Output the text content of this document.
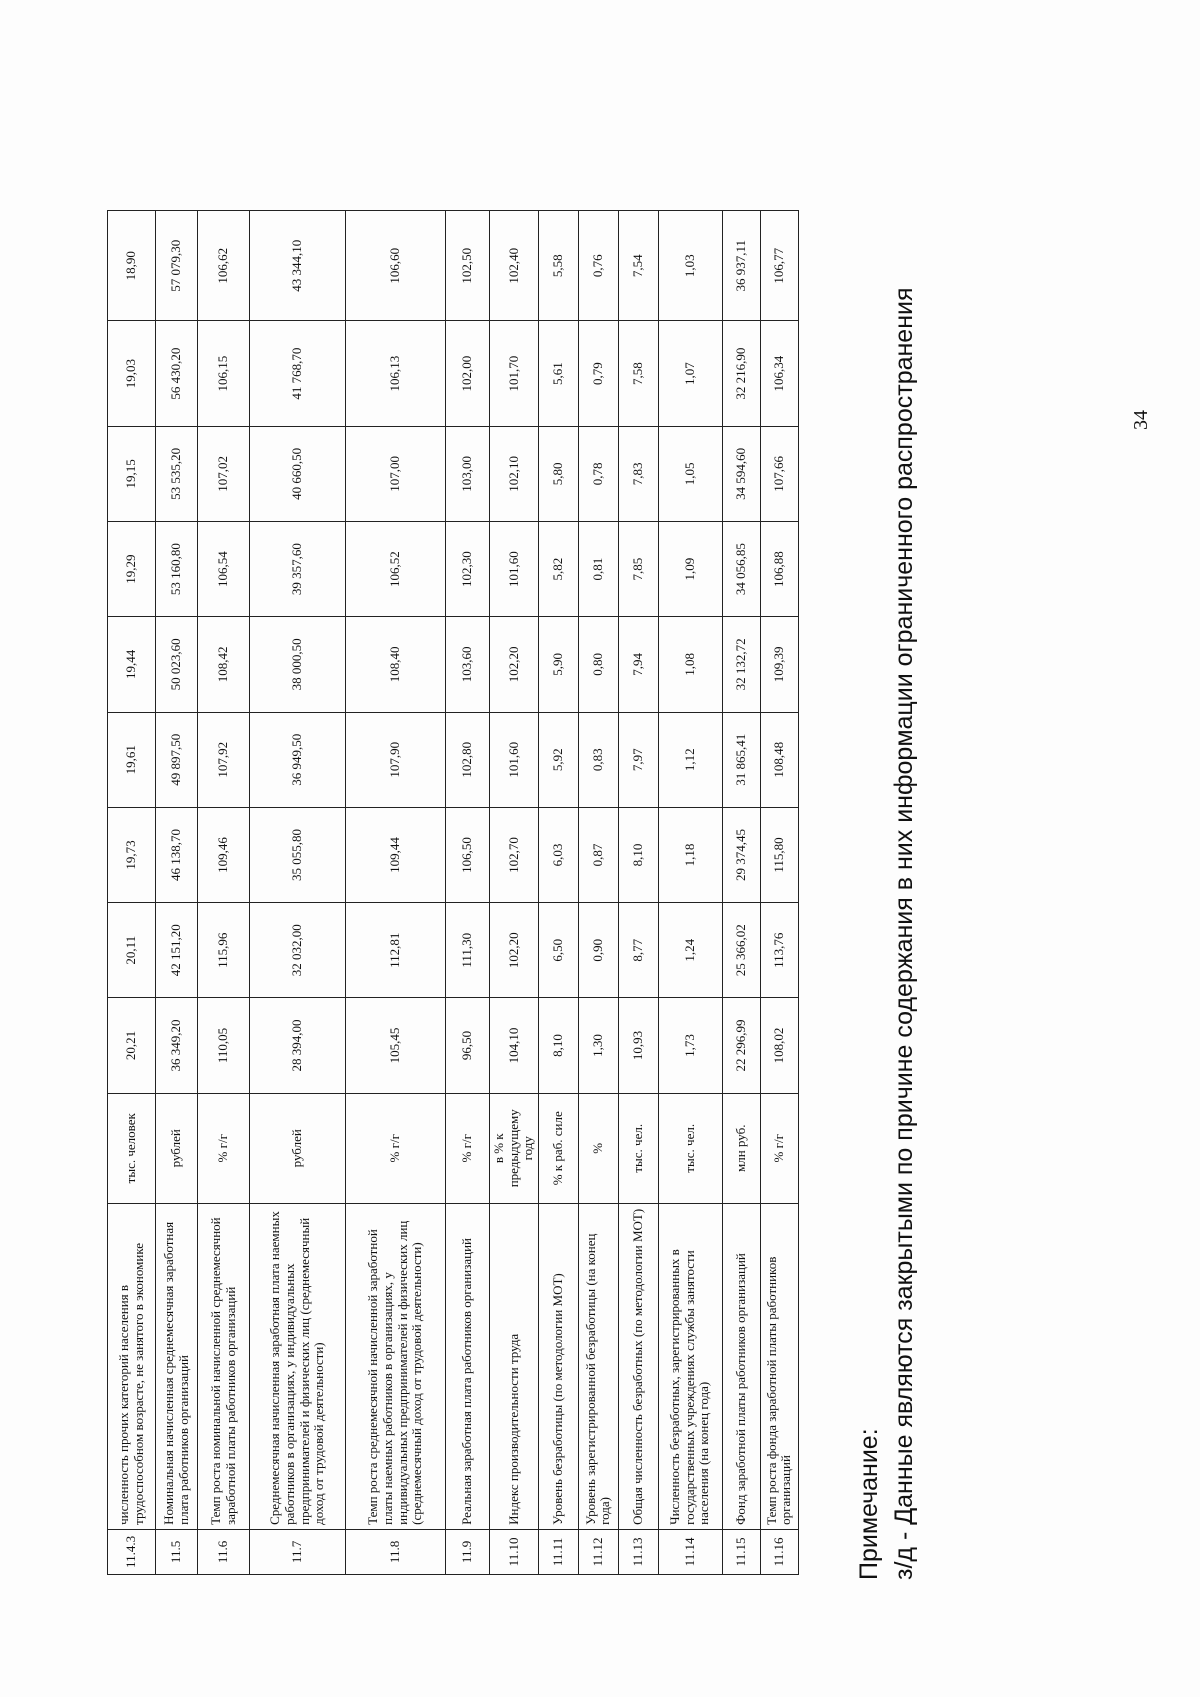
11.4.3	численность прочих категорий населения в трудоспособном возрасте, не занятого в экономике	тыс. человек	20,21	20,11	19,73	19,61	19,44	19,29	19,15	19,03	18,90
11.5	Номинальная начисленная среднемесячная заработная плата работников организаций	рублей	36 349,20	42 151,20	46 138,70	49 897,50	50 023,60	53 160,80	53 535,20	56 430,20	57 079,30
11.6	Темп роста номинальной начисленной среднемесячной заработной платы работников организаций	% г/г	110,05	115,96	109,46	107,92	108,42	106,54	107,02	106,15	106,62
11.7	Среднемесячная начисленная заработная плата наемных работников в организациях, у индивидуальных предпринимателей и физических лиц (среднемесячный доход от трудовой деятельности)	рублей	28 394,00	32 032,00	35 055,80	36 949,50	38 000,50	39 357,60	40 660,50	41 768,70	43 344,10
11.8	Темп роста среднемесячной начисленной заработной платы наемных работников в организациях, у индивидуальных предпринимателей и физических лиц (среднемесячный доход от трудовой деятельности)	% г/г	105,45	112,81	109,44	107,90	108,40	106,52	107,00	106,13	106,60
11.9	Реальная заработная плата работников организаций	% г/г	96,50	111,30	106,50	102,80	103,60	102,30	103,00	102,00	102,50
11.10	Индекс производительности труда	в % к предыдущему году	104,10	102,20	102,70	101,60	102,20	101,60	102,10	101,70	102,40
11.11	Уровень безработицы (по методологии МОТ)	% к раб. силе	8,10	6,50	6,03	5,92	5,90	5,82	5,80	5,61	5,58
11.12	Уровень зарегистрированной безработицы (на конец года)	%	1,30	0,90	0,87	0,83	0,80	0,81	0,78	0,79	0,76
11.13	Общая численность безработных (по методологии МОТ)	тыс. чел.	10,93	8,77	8,10	7,97	7,94	7,85	7,83	7,58	7,54
11.14	Численность безработных, зарегистрированных в государственных учреждениях службы занятости населения (на конец года)	тыс. чел.	1,73	1,24	1,18	1,12	1,08	1,09	1,05	1,07	1,03
11.15	Фонд заработной платы работников организаций	млн руб.	22 296,99	25 366,02	29 374,45	31 865,41	32 132,72	34 056,85	34 594,60	32 216,90	36 937,11
11.16	Темп роста фонда заработной платы работников организаций	% г/г	108,02	113,76	115,80	108,48	109,39	106,88	107,66	106,34	106,77
Примечание: з/д - Данные являются закрытыми по причине содержания в них информации ограниченного распространения	34
